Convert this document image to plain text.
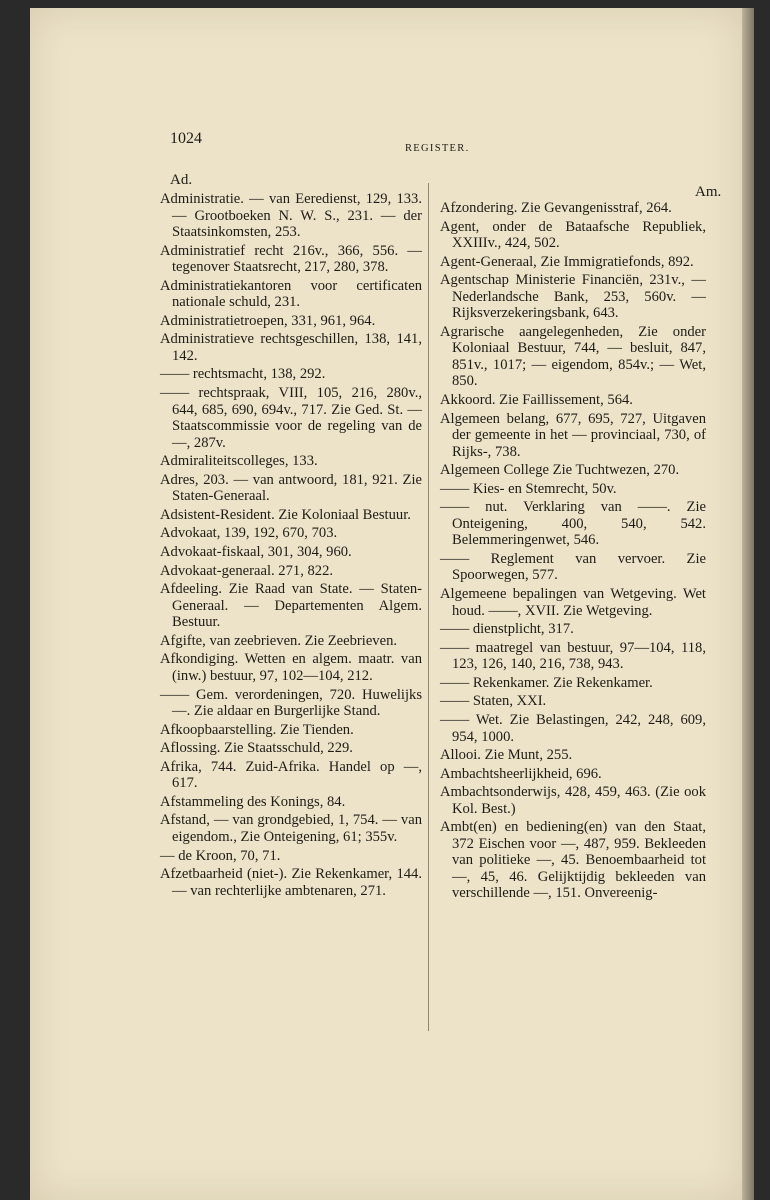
1024
REGISTER.
Ad.
Am.

Administratie. — van Eeredienst, 129, 133. — Grootboeken N. W. S., 231. — der Staatsinkomsten, 253.

Administratief recht 216v., 366, 556. — tegenover Staatsrecht, 217, 280, 378.

Administratiekantoren voor certificaten nationale schuld, 231.

Administratietroepen, 331, 961, 964.

Administratieve rechtsgeschillen, 138, 141, 142.

—— rechtsmacht, 138, 292.

—— rechtspraak, VIII, 105, 216, 280v., 644, 685, 690, 694v., 717. Zie Ged. St. — Staatscommissie voor de regeling van de —, 287v.

Admiraliteitscolleges, 133.

Adres, 203. — van antwoord, 181, 921. Zie Staten-Generaal.

Adsistent-Resident. Zie Koloniaal Bestuur.

Advokaat, 139, 192, 670, 703.

Advokaat-fiskaal, 301, 304, 960.

Advokaat-generaal. 271, 822.

Afdeeling. Zie Raad van State. — Staten-Generaal. — Departementen Algem. Bestuur.

Afgifte, van zeebrieven. Zie Zeebrieven.

Afkondiging. Wetten en algem. maatr. van (inw.) bestuur, 97, 102—104, 212.

—— Gem. verordeningen, 720. Huwelijks —. Zie aldaar en Burgerlijke Stand.

Afkoopbaarstelling. Zie Tienden.

Aflossing. Zie Staatsschuld, 229.

Afrika, 744. Zuid-Afrika. Handel op —, 617.

Afstammeling des Konings, 84.

Afstand, — van grondgebied, 1, 754. — van eigendom., Zie Onteigening, 61; 355v.

— de Kroon, 70, 71.

Afzetbaarheid (niet-). Zie Rekenkamer, 144. — van rechterlijke ambtenaren, 271.

Afzondering. Zie Gevangenisstraf, 264.

Agent, onder de Bataafsche Republiek, XXIIIv., 424, 502.

Agent-Generaal, Zie Immigratiefonds, 892.

Agentschap Ministerie Financiën, 231v., — Nederlandsche Bank, 253, 560v. — Rijksverzekeringsbank, 643.

Agrarische aangelegenheden, Zie onder Koloniaal Bestuur, 744, — besluit, 847, 851v., 1017; — eigendom, 854v.; — Wet, 850.

Akkoord. Zie Faillissement, 564.

Algemeen belang, 677, 695, 727, Uitgaven der gemeente in het — provinciaal, 730, of Rijks-, 738.

Algemeen College Zie Tuchtwezen, 270.

—— Kies- en Stemrecht, 50v.

—— nut. Verklaring van ——. Zie Onteigening, 400, 540, 542. Belemmeringenwet, 546.

—— Reglement van vervoer. Zie Spoorwegen, 577.

Algemeene bepalingen van Wetgeving. Wet houd. ——, XVII. Zie Wetgeving.

—— dienstplicht, 317.

—— maatregel van bestuur, 97—104, 118, 123, 126, 140, 216, 738, 943.

—— Rekenkamer. Zie Rekenkamer.

—— Staten, XXI.

—— Wet. Zie Belastingen, 242, 248, 609, 954, 1000.

Allooi. Zie Munt, 255.

Ambachtsheerlijkheid, 696.

Ambachtsonderwijs, 428, 459, 463. (Zie ook Kol. Best.)

Ambt(en) en bediening(en) van den Staat, 372 Eischen voor —, 487, 959. Bekleeden van politieke —, 45. Benoembaarheid tot —, 45, 46. Gelijktijdig bekleeden van verschillende —, 151. Onvereenig-
